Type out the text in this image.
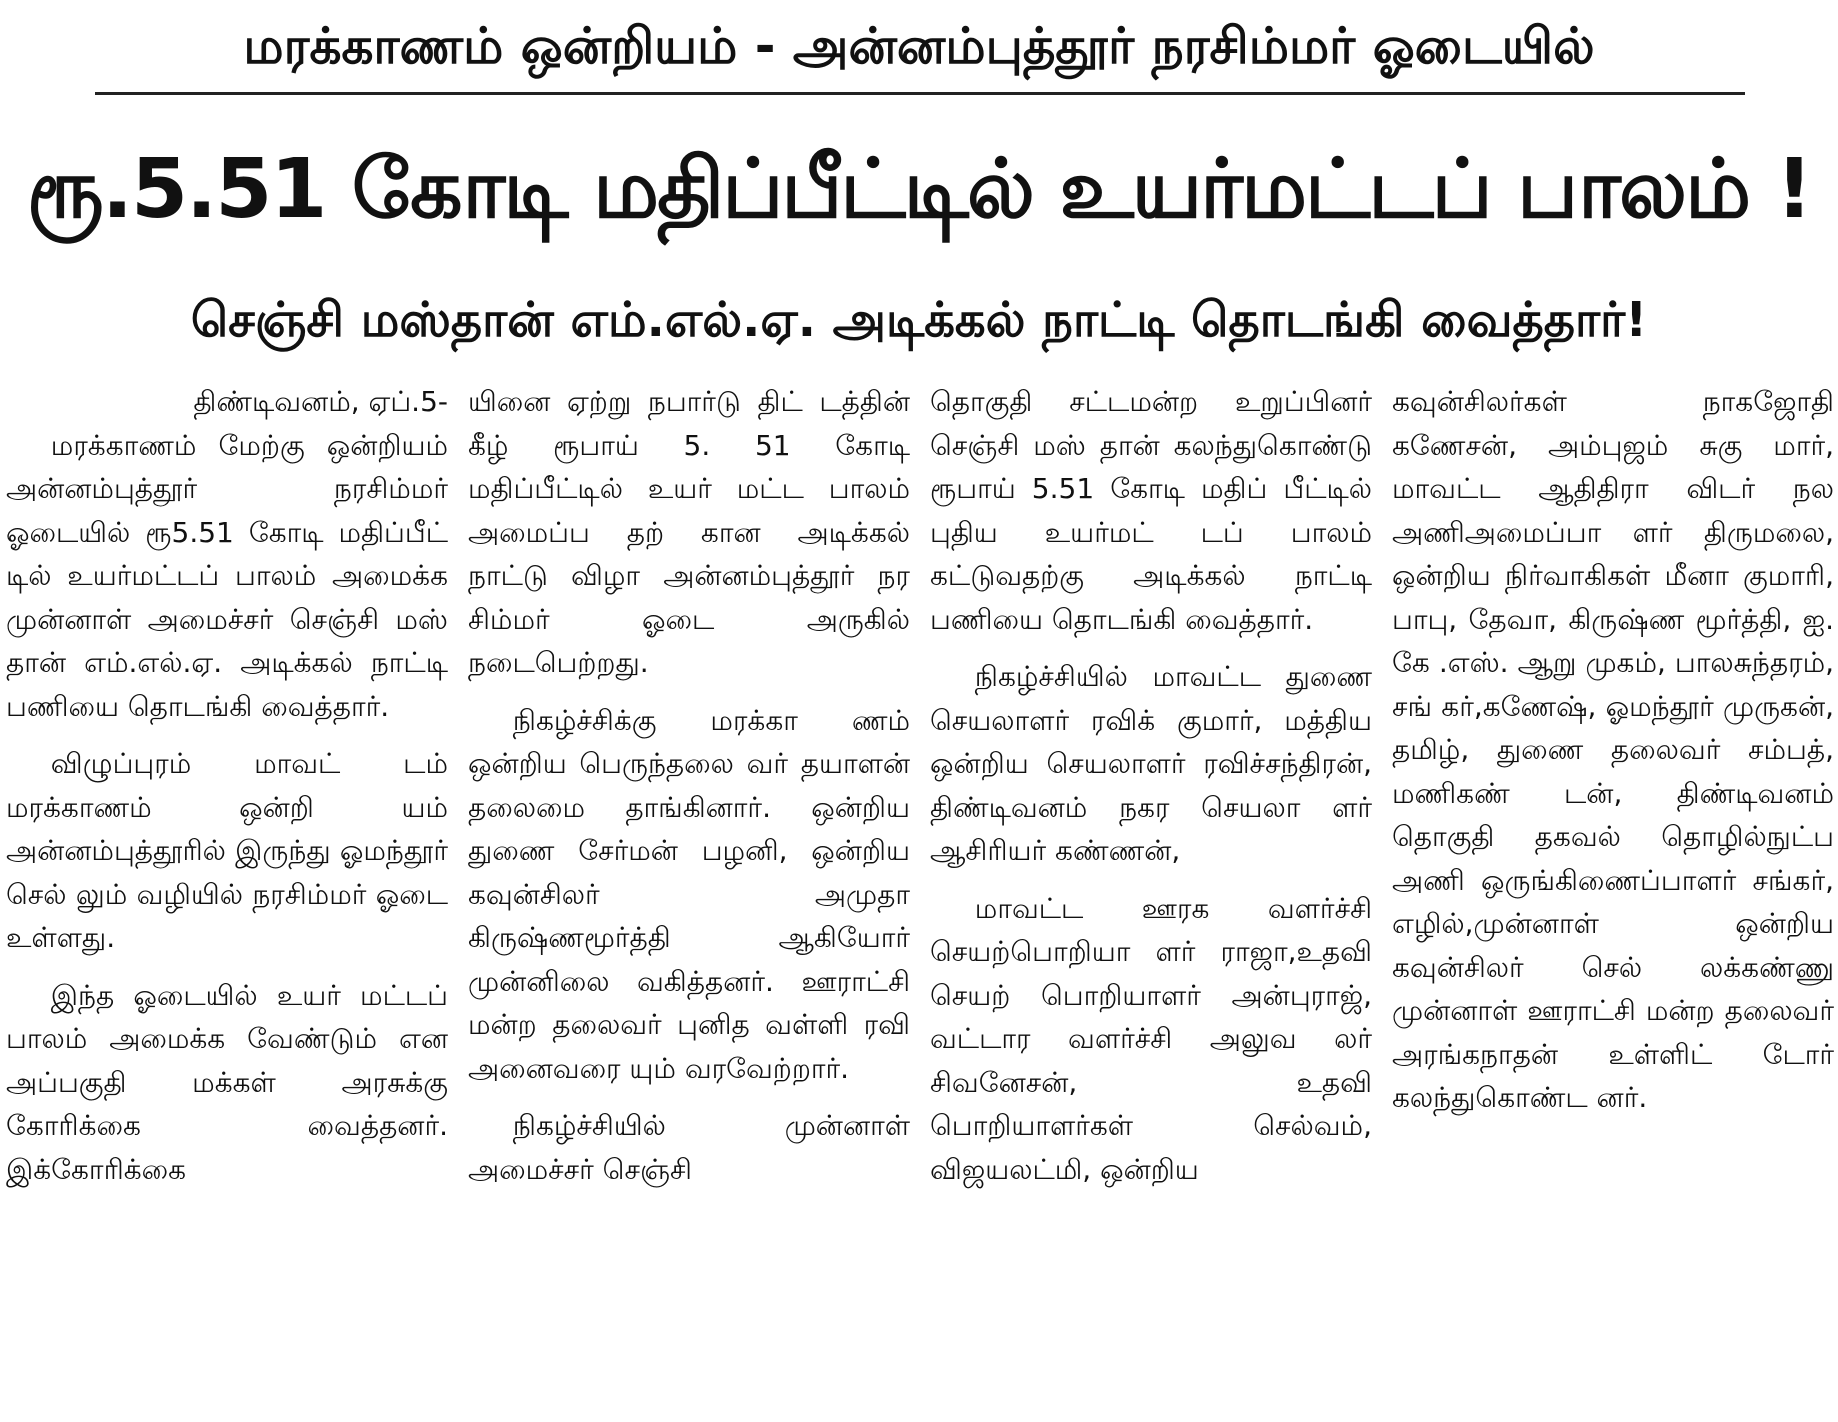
மரக்காணம் ஒன்றியம் - அன்னம்புத்தூர் நரசிம்மர் ஓடையில்
ரூ.5.51 கோடி மதிப்பீட்டில் உயர்மட்டப் பாலம் !
செஞ்சி மஸ்தான் எம்.எல்.ஏ. அடிக்கல் நாட்டி தொடங்கி வைத்தார்!
திண்டிவனம், ஏப்.5-

மரக்காணம் மேற்கு ஒன்றியம் அன்னம்புத்தூர் நரசிம்மர் ஓடையில் ரூ5.51 கோடி மதிப்பீட் டில் உயர்மட்டப் பாலம் அமைக்க முன்னாள் அமைச்சர் செஞ்சி மஸ் தான் எம்.எல்.ஏ. அடிக்கல் நாட்டி பணியை தொடங்கி வைத்தார்.

விழுப்புரம் மாவட் டம் மரக்காணம் ஒன்றி யம் அன்னம்புத்தூரில் இருந்து ஓமந்தூர் செல் லும் வழியில் நரசிம்மர் ஓடை உள்ளது.

இந்த ஓடையில் உயர் மட்டப் பாலம் அமைக்க வேண்டும் என அப்பகுதி மக்கள் அரசுக்கு கோரிக்கை வைத்தனர். இக்கோரிக்கை

யினை ஏற்று நபார்டு திட் டத்தின் கீழ் ரூபாய் 5. 51 கோடி மதிப்பீட்டில் உயர் மட்ட பாலம் அமைப்ப தற் கான அடிக்கல் நாட்டு விழா அன்னம்புத்தூர் நர சிம்மர் ஓடை அருகில் நடைபெற்றது.

நிகழ்ச்சிக்கு மரக்கா ணம் ஒன்றிய பெருந்தலை வர் தயாளன் தலைமை தாங்கினார். ஒன்றிய துணை சேர்மன் பழனி, ஒன்றிய கவுன்சிலர் அமுதா கிருஷ்ணமூர்த்தி ஆகியோர் முன்னிலை வகித்தனர். ஊராட்சி மன்ற தலைவர் புனித வள்ளி ரவி அனைவரை யும் வரவேற்றார்.

நிகழ்ச்சியில் முன்னாள் அமைச்சர் செஞ்சி

தொகுதி சட்டமன்ற உறுப்பினர் செஞ்சி மஸ் தான் கலந்துகொண்டு ரூபாய் 5.51 கோடி மதிப் பீட்டில் புதிய உயர்மட் டப் பாலம் கட்டுவதற்கு அடிக்கல் நாட்டி பணியை தொடங்கி வைத்தார்.

நிகழ்ச்சியில் மாவட்ட துணை செயலாளர் ரவிக் குமார், மத்திய ஒன்றிய செயலாளர் ரவிச்சந்திரன், திண்டிவனம் நகர செயலா ளர் ஆசிரியர் கண்ணன்,

மாவட்ட ஊரக வளர்ச்சி செயற்பொறியா ளர் ராஜா,உதவி செயற் பொறியாளர் அன்புராஜ், வட்டார வளர்ச்சி அலுவ லர் சிவனேசன், உதவி பொறியாளர்கள் செல்வம், விஜயலட்மி, ஒன்றிய

கவுன்சிலர்கள் நாகஜோதி கணேசன், அம்புஜம் சுகு மார், மாவட்ட ஆதிதிரா விடர் நல அணிஅமைப்பா ளர் திருமலை, ஒன்றிய நிர்வாகிகள் மீனா குமாரி, பாபு, தேவா, கிருஷ்ண மூர்த்தி, ஐ. கே .எஸ். ஆறு முகம், பாலசுந்தரம், சங் கர்,கணேஷ், ஓமந்தூர் முருகன், தமிழ், துணை தலைவர் சம்பத், மணிகண் டன், திண்டிவனம் தொகுதி தகவல் தொழில்நுட்ப அணி ஒருங்கிணைப்பாளர் சங்கர், எழில்,முன்னாள் ஒன்றிய கவுன்சிலர் செல் லக்கண்ணு முன்னாள் ஊராட்சி மன்ற தலைவர் அரங்கநாதன் உள்ளிட் டோர் கலந்துகொண்ட னர்.
